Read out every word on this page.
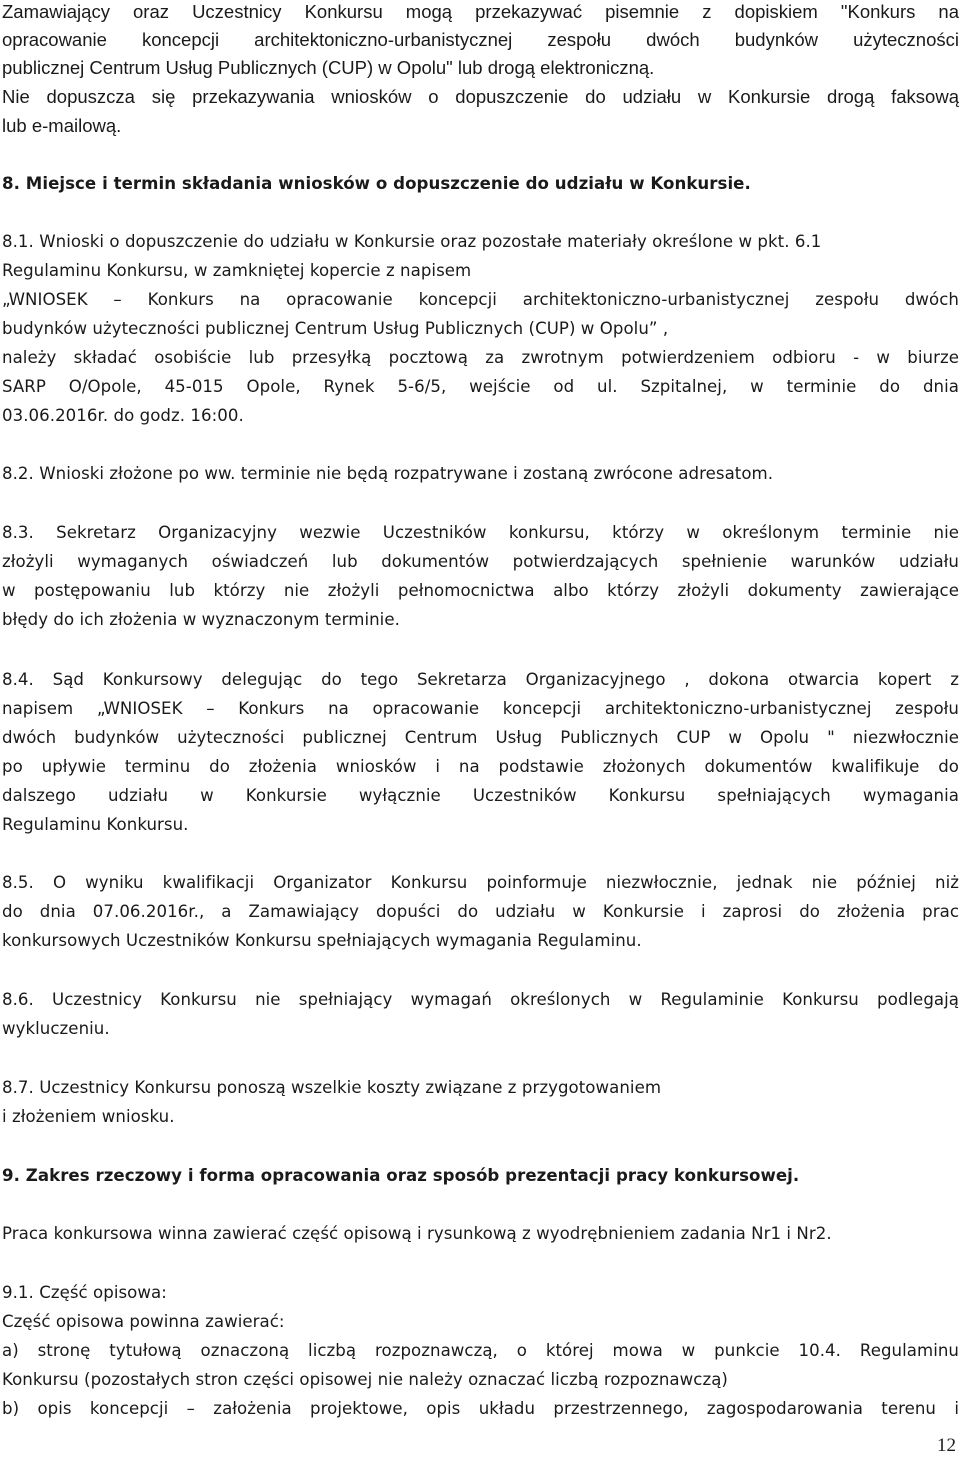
Zamawiający oraz Uczestnicy Konkursu mogą przekazywać pisemnie z dopiskiem "Konkurs na
opracowanie koncepcji architektoniczno-urbanistycznej zespołu dwóch budynków użyteczności
publicznej Centrum Usług Publicznych (CUP) w Opolu" lub drogą elektroniczną.
Nie dopuszcza się przekazywania wniosków o dopuszczenie do udziału w Konkursie drogą faksową
lub e-mailową.
8. Miejsce i termin składania wniosków o dopuszczenie do udziału w Konkursie.
8.1. Wnioski o dopuszczenie do udziału w Konkursie oraz pozostałe materiały określone w pkt. 6.1
Regulaminu Konkursu, w zamkniętej kopercie z napisem
„WNIOSEK – Konkurs na opracowanie koncepcji architektoniczno-urbanistycznej zespołu dwóch
budynków użyteczności publicznej Centrum Usług Publicznych (CUP) w Opolu” ,
należy składać osobiście lub przesyłką pocztową za zwrotnym potwierdzeniem odbioru - w biurze
SARP O/Opole, 45-015 Opole, Rynek 5-6/5, wejście od ul. Szpitalnej, w terminie do dnia
03.06.2016r. do godz. 16:00.
8.2. Wnioski złożone po ww. terminie nie będą rozpatrywane i zostaną zwrócone adresatom.
8.3. Sekretarz Organizacyjny wezwie Uczestników konkursu, którzy w określonym terminie nie
złożyli wymaganych oświadczeń lub dokumentów potwierdzających spełnienie warunków udziału
w postępowaniu lub którzy nie złożyli pełnomocnictwa albo którzy złożyli dokumenty zawierające
błędy do ich złożenia w wyznaczonym terminie.
8.4. Sąd Konkursowy delegując do tego Sekretarza Organizacyjnego , dokona otwarcia kopert z
napisem „WNIOSEK – Konkurs na opracowanie koncepcji architektoniczno-urbanistycznej zespołu
dwóch budynków użyteczności publicznej Centrum Usług Publicznych CUP w Opolu " niezwłocznie
po upływie terminu do złożenia wniosków i na podstawie złożonych dokumentów kwalifikuje do
dalszego udziału w Konkursie wyłącznie Uczestników Konkursu spełniających wymagania
Regulaminu Konkursu.
8.5. O wyniku kwalifikacji Organizator Konkursu poinformuje niezwłocznie, jednak nie później niż
do dnia 07.06.2016r., a Zamawiający dopuści do udziału w Konkursie i zaprosi do złożenia prac
konkursowych Uczestników Konkursu spełniających wymagania Regulaminu.
8.6. Uczestnicy Konkursu nie spełniający wymagań określonych w Regulaminie Konkursu podlegają
wykluczeniu.
8.7. Uczestnicy Konkursu ponoszą wszelkie koszty związane z przygotowaniem
i złożeniem wniosku.
9. Zakres rzeczowy i forma opracowania oraz sposób prezentacji pracy konkursowej.
Praca konkursowa winna zawierać część opisową i rysunkową z wyodrębnieniem zadania Nr1 i Nr2.
9.1. Część opisowa:
Część opisowa powinna zawierać:
a) stronę tytułową oznaczoną liczbą rozpoznawczą, o której mowa w punkcie 10.4. Regulaminu
Konkursu (pozostałych stron części opisowej nie należy oznaczać liczbą rozpoznawczą)
b) opis koncepcji – założenia projektowe, opis układu przestrzennego, zagospodarowania terenu i
12
